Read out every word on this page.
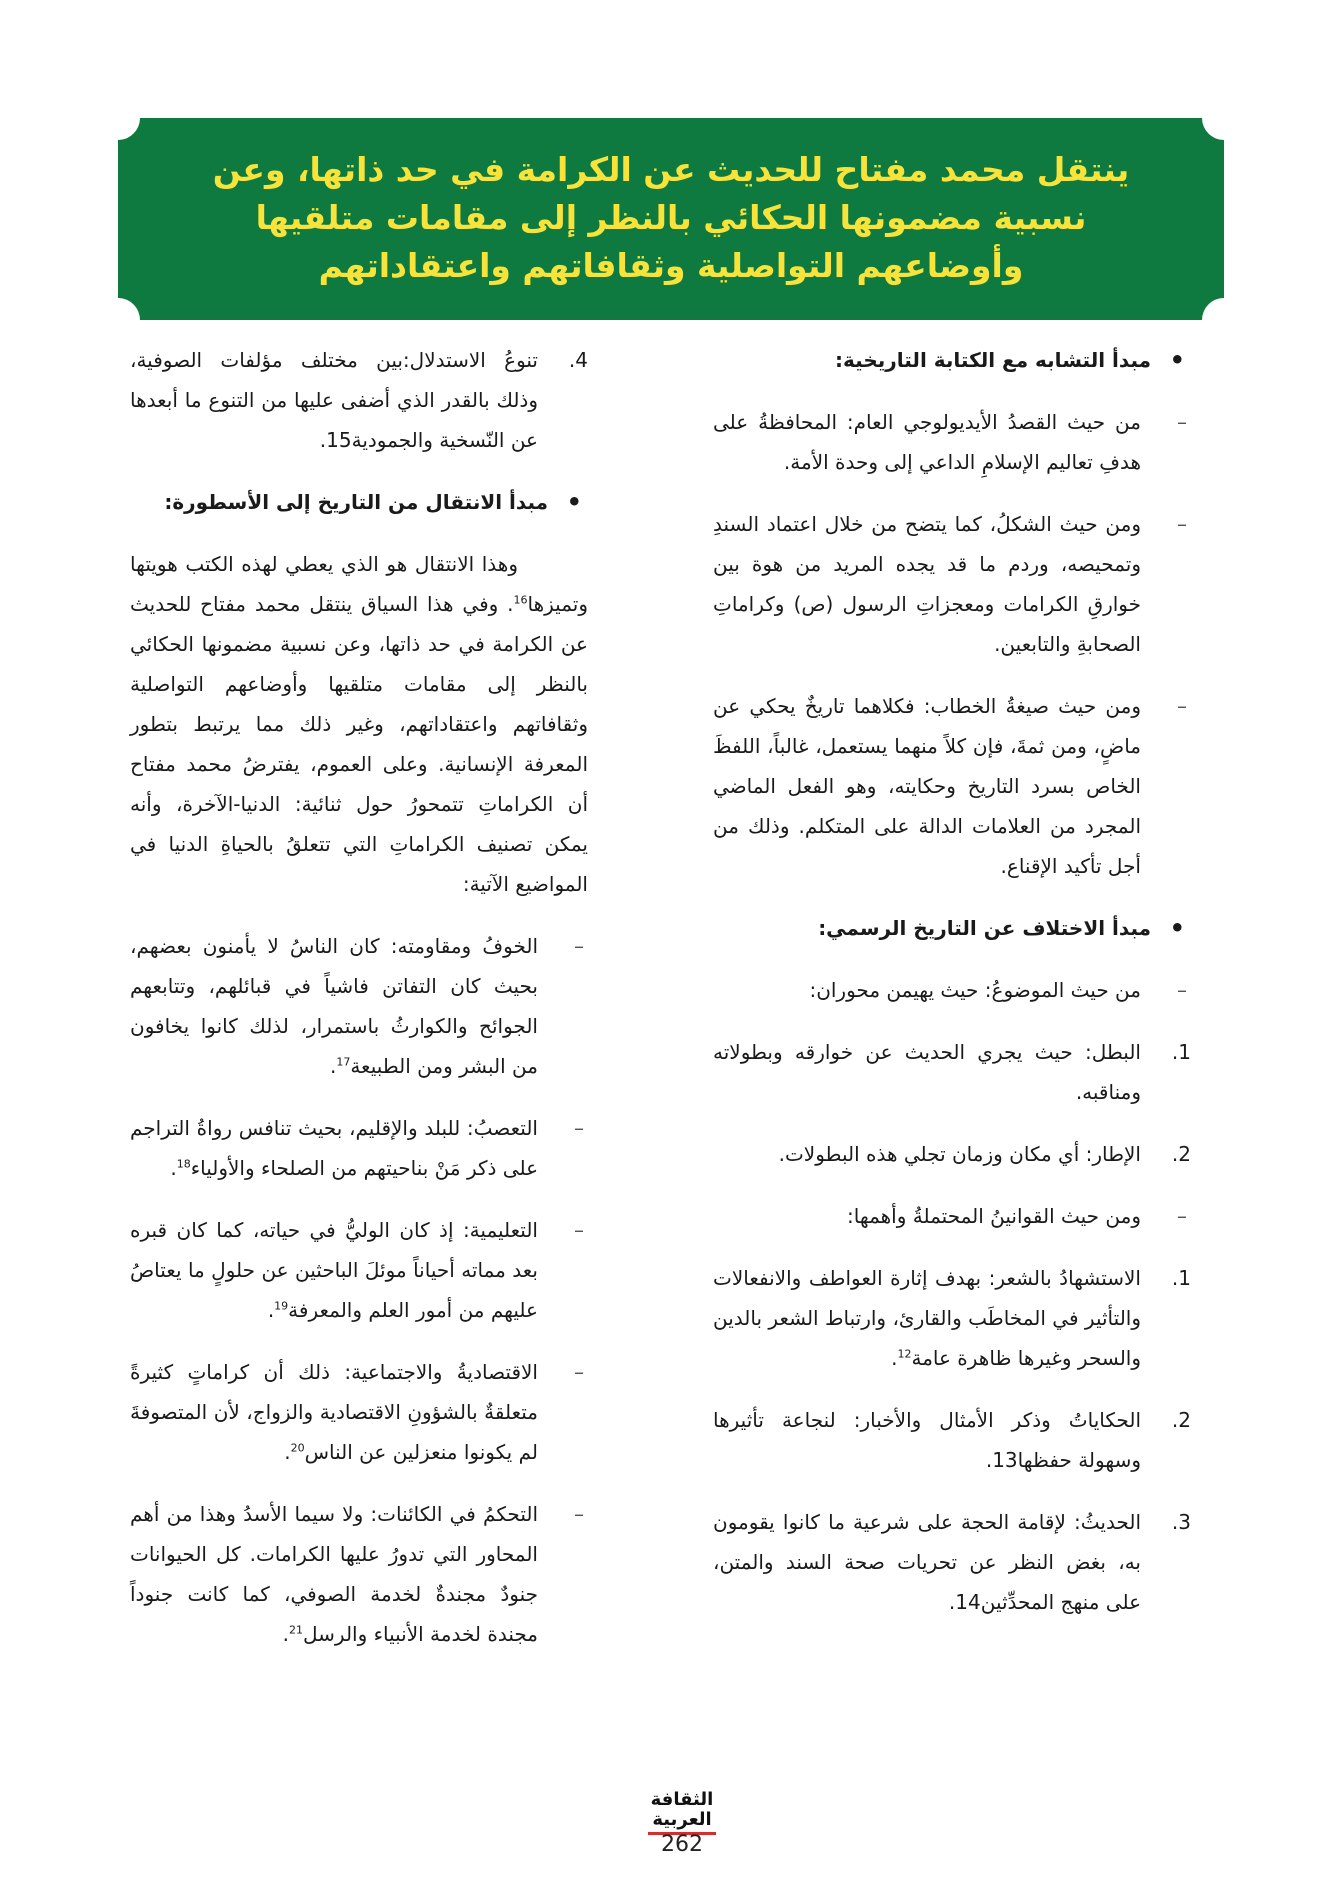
ينتقل محمد مفتاح للحديث عن الكرامة في حد ذاتها، وعن
نسبية مضمونها الحكائي بالنظر إلى مقامات متلقيها
وأوضاعهم التواصلية وثقافاتهم واعتقاداتهم
•
مبدأ التشابه مع الكتابة التاريخية:
–
من حيث القصدُ الأيديولوجي العام: المحافظةُ على هدفِ تعاليم الإسلامِ الداعي إلى وحدة الأمة.
–
ومن حيث الشكلُ، كما يتضح من خلال اعتماد السندِ وتمحيصه، وردم ما قد يجده المريد من هوة بين خوارقِ الكرامات ومعجزاتِ الرسول (ص) وكراماتِ الصحابةِ والتابعين.
–
ومن حيث صيغةُ الخطاب: فكلاهما تاريخٌ يحكي عن ماضٍ، ومن ثمةَ، فإن كلاً منهما يستعمل، غالباً، اللفظَ الخاص بسرد التاريخ وحكايته، وهو الفعل الماضي المجرد من العلامات الدالة على المتكلم. وذلك من أجل تأكيد الإقناع.
•
مبدأ الاختلاف عن التاريخ الرسمي:
–
من حيث الموضوعُ: حيث يهيمن محوران:
1.
البطل: حيث يجري الحديث عن خوارقه وبطولاته ومناقبه.
2.
الإطار: أي مكان وزمان تجلي هذه البطولات.
–
ومن حيث القوانينُ المحتملةُ وأهمها:
1.
الاستشهادُ بالشعر: بهدف إثارة العواطف والانفعالات والتأثير في المخاطَب والقارئ، وارتباط الشعر بالدين والسحر وغيرها ظاهرة عامة$^{12}$.
2.
الحكاياتُ وذكر الأمثال والأخبار: لنجاعة تأثيرها وسهولة حفظها13.
3.
الحديثُ: لإقامة الحجة على شرعية ما كانوا يقومون به، بغض النظر عن تحريات صحة السند والمتن، على منهج المحدِّثين14.
4.
تنوعُ الاستدلال:بين مختلف مؤلفات الصوفية، وذلك بالقدر الذي أضفى عليها من التنوع ما أبعدها عن النّسخية والجمودية15.
•
مبدأ الانتقال من التاريخ إلى الأسطورة:
وهذا الانتقال هو الذي يعطي لهذه الكتب هويتها وتميزها$^{16}$. وفي هذا السياق ينتقل محمد مفتاح للحديث عن الكرامة في حد ذاتها، وعن نسبية مضمونها الحكائي بالنظر إلى مقامات متلقيها وأوضاعهم التواصلية وثقافاتهم واعتقاداتهم، وغير ذلك مما يرتبط بتطور المعرفة الإنسانية. وعلى العموم، يفترضُ محمد مفتاح أن الكراماتِ تتمحورُ حول ثنائية: الدنيا-الآخرة، وأنه يمكن تصنيف الكراماتِ التي تتعلقُ بالحياةِ الدنيا في المواضيع الآتية:
–
الخوفُ ومقاومته: كان الناسُ لا يأمنون بعضهم، بحيث كان التفاتن فاشياً في قبائلهم، وتتابعهم الجوائح والكوارثُ باستمرار، لذلك كانوا يخافون من البشر ومن الطبيعة$^{17}$.
–
التعصبُ: للبلد والإقليم، بحيث تنافس رواةُ التراجم على ذكر مَنْ بناحيتهم من الصلحاء والأولياء$^{18}$.
–
التعليمية: إذ كان الوليُّ في حياته، كما كان قبره بعد مماته أحياناً موئلَ الباحثين عن حلولٍ ما يعتاصُ عليهم من أمور العلم والمعرفة$^{19}$.
–
الاقتصاديةُ والاجتماعية: ذلك أن كراماتٍ كثيرةً متعلقةٌ بالشؤونِ الاقتصادية والزواج، لأن المتصوفةَ لم يكونوا منعزلين عن الناس$^{20}$.
–
التحكمُ في الكائنات: ولا سيما الأسدُ وهذا من أهم المحاور التي تدورُ عليها الكرامات. كل الحيوانات جنودٌ مجندةٌ لخدمة الصوفي، كما كانت جنوداً مجندة لخدمة الأنبياء والرسل$^{21}$.
الثقافة العربية
262
